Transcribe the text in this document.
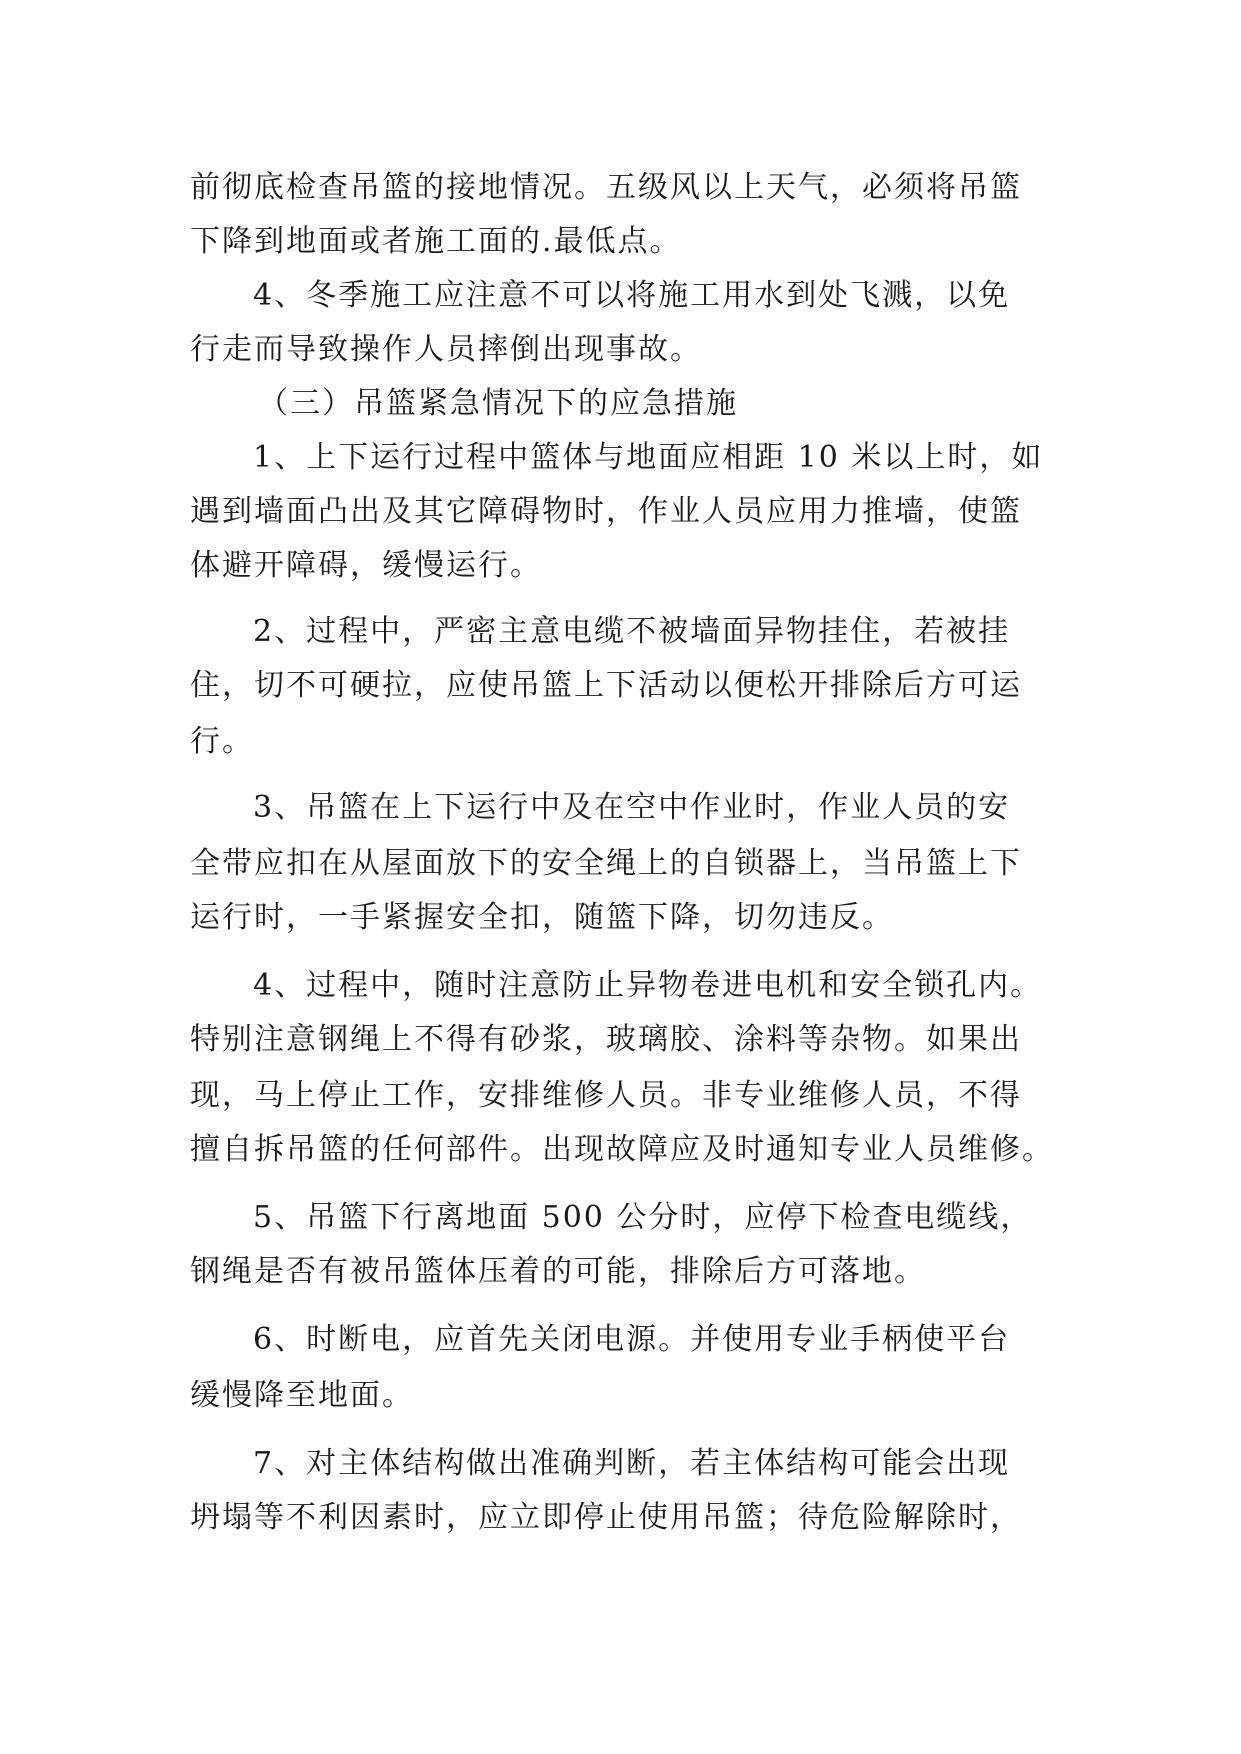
前彻底检查吊篮的接地情况。五级风以上天气，必须将吊篮
下降到地面或者施工面的.最低点。
4、冬季施工应注意不可以将施工用水到处飞溅，以免
行走而导致操作人员摔倒出现事故。
（三）吊篮紧急情况下的应急措施
1、上下运行过程中篮体与地面应相距 10 米以上时，如
遇到墙面凸出及其它障碍物时，作业人员应用力推墙，使篮
体避开障碍，缓慢运行。
2、过程中，严密主意电缆不被墙面异物挂住，若被挂
住，切不可硬拉，应使吊篮上下活动以便松开排除后方可运
行。
3、吊篮在上下运行中及在空中作业时，作业人员的安
全带应扣在从屋面放下的安全绳上的自锁器上，当吊篮上下
运行时，一手紧握安全扣，随篮下降，切勿违反。
4、过程中，随时注意防止异物卷进电机和安全锁孔内。
特别注意钢绳上不得有砂浆，玻璃胶、涂料等杂物。如果出
现，马上停止工作，安排维修人员。非专业维修人员，不得
擅自拆吊篮的任何部件。出现故障应及时通知专业人员维修。
5、吊篮下行离地面 500 公分时，应停下检查电缆线，
钢绳是否有被吊篮体压着的可能，排除后方可落地。
6、时断电，应首先关闭电源。并使用专业手柄使平台
缓慢降至地面。
7、对主体结构做出准确判断，若主体结构可能会出现
坍塌等不利因素时，应立即停止使用吊篮；待危险解除时，
